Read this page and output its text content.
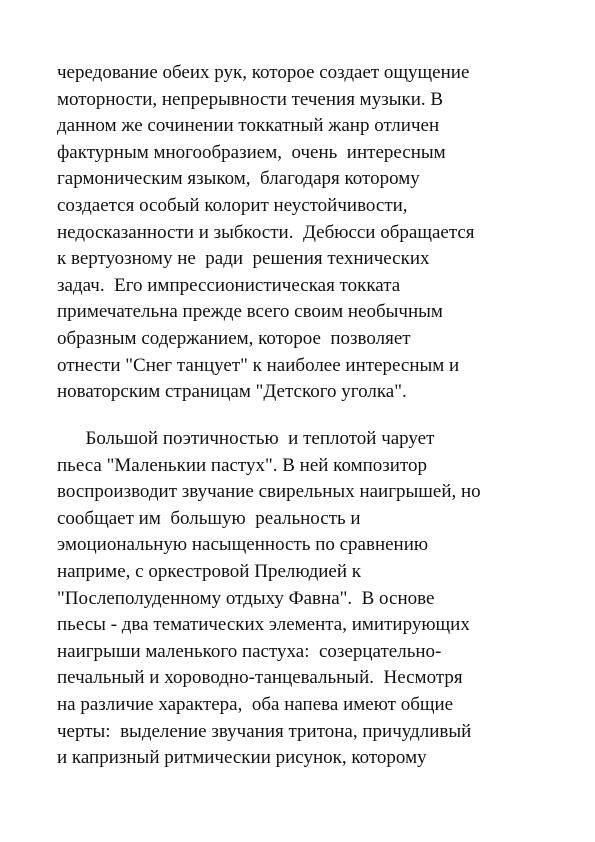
чередование обеих рук, которое создает ощущение
моторности, непрерывности течения музыки. В
данном же сочинении токкатный жанр отличен
фактурным многообразием,  очень  интересным
гармоническим языком,  благодаря которому
создается особый колорит неустойчивости,
недосказанности и зыбкости.  Дебюсси обращается
к вертуозному не  ради  решения технических
задач.  Его импрессионистическая токката
примечательна прежде всего своим необычным
образным содержанием, которое  позволяет
отнести "Снег танцует" к наиболее интересным и
новаторским страницам "Детского уголка".
Большой поэтичностью  и теплотой чарует
пьеса "Маленькии пастух". В ней композитор
воспроизводит звучание свирельных наигрышей, но
сообщает им  большую  реальность и
эмоциональную насыщенность по сравнению
наприме, с оркестровой Прелюдией к
"Послеполуденному отдыху Фавна".  В основе
пьесы - два тематических элемента, имитирующих
наигрыши маленького пастуха:  созерцательно-
печальный и хороводно-танцевальный.  Несмотря
на различие характера,  оба напева имеют общие
черты:  выделение звучания тритона, причудливый
и капризный ритмическии рисунок, которому
